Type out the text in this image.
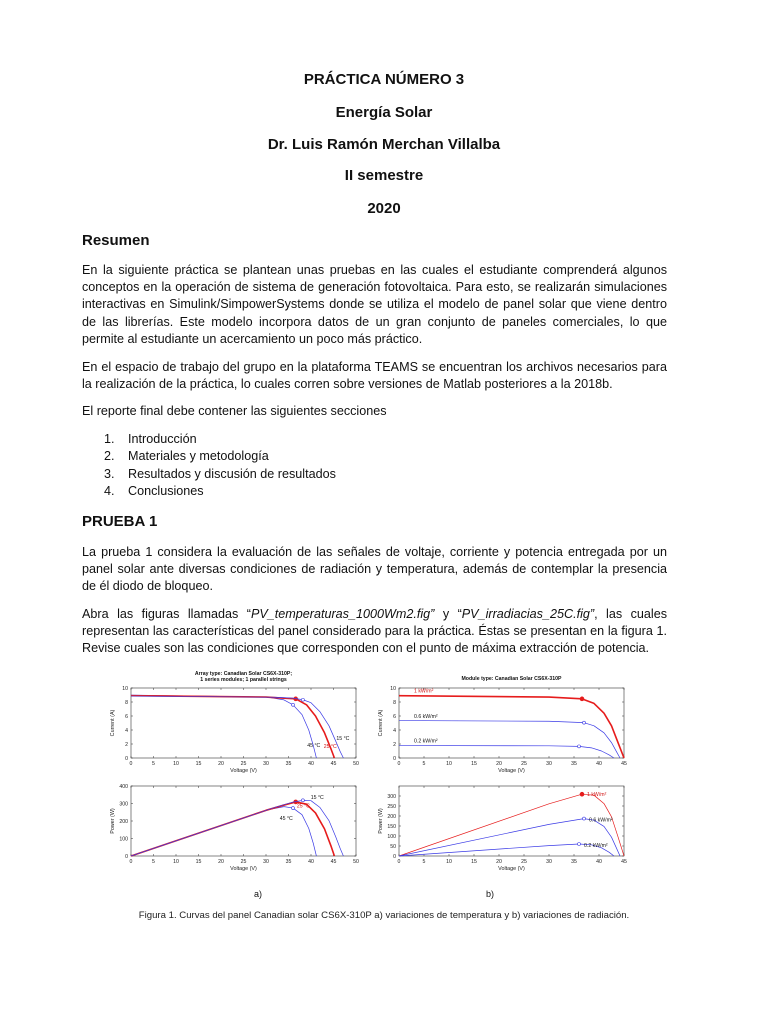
PRÁCTICA NÚMERO 3
Energía Solar
Dr. Luis Ramón Merchan Villalba
II semestre
2020
Resumen

En la siguiente práctica se plantean unas pruebas en las cuales el estudiante comprenderá algunos conceptos en la operación de sistema de generación fotovoltaica. Para esto, se realizarán simulaciones interactivas en Simulink/SimpowerSystems donde se utiliza el modelo de panel solar que viene dentro de las librerías. Este modelo incorpora datos de un gran conjunto de paneles comerciales, lo que permite al estudiante un acercamiento un poco más práctico.

En el espacio de trabajo del grupo en la plataforma TEAMS se encuentran los archivos necesarios para la realización de la práctica, lo cuales corren sobre versiones de Matlab posteriores a la 2018b.

El reporte final debe contener las siguientes secciones

1.	Introducción
2.	Materiales y metodología
3.	Resultados y discusión de resultados
4.	Conclusiones
PRUEBA 1

La prueba 1 considera la evaluación de las señales de voltaje, corriente y potencia entregada por un panel solar ante diversas condiciones de radiación y temperatura, además de contemplar la presencia de él diodo de bloqueo.

Abra las figuras llamadas “PV_temperaturas_1000Wm2.fig” y “PV_irradiacias_25C.fig”, las cuales representan las características del panel considerado para la práctica. Éstas se presentan en la figura 1. Revise cuales son las condiciones que corresponden con el punto de máxima extracción de potencia.

Array type: Canadian Solar CS6X-310P;
1 series modules; 1 parallel strings
0	5	10	15	20	25	30	35	40	45	50
0
2
4
6
8
10
Voltage (V)
Current (A)
45 °C 25 °C
15 °C
Module type: Canadian Solar CS6X-310P
0	5	10	15	20	25	30	35	40	45
0
2
4
6
8
10
Voltage (V)
Current (A)
1 kW/m²
0.6 kW/m²
0.2 kW/m²
0	5	10	15	20	25	30	35	40	45	50
0
100
200
300
400
Voltage (V)
Power (W)
15 °C
25 °C
45 °C
0	5	10	15	20	25	30	35	40	45
0
50
100
150
200
250
300
Voltage (V)
Power (W)
1 kW/m²
0.6 kW/m²
0.2 kW/m²
a)	b)
Figura 1. Curvas del panel Canadian solar CS6X-310P a) variaciones de temperatura y b) variaciones de radiación.
